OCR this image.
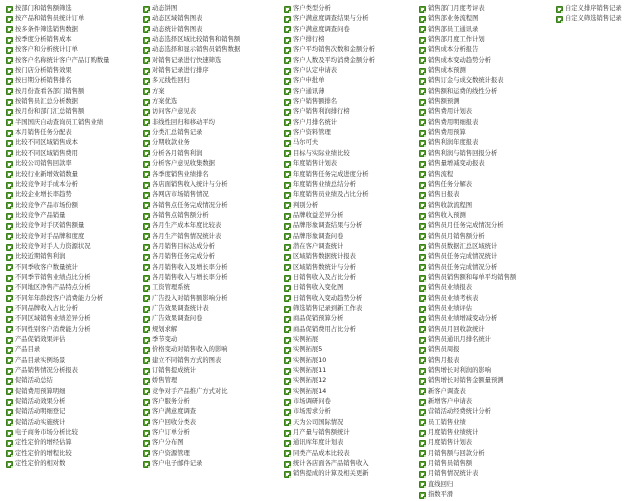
按部门和销售额筛选
按产品和销售员统计订单
按多条件筛选销售数据
按季度分析销售成本
按客户和分析统计订单
按客户名称统计客户产品订购数量
按门店分析销售效果
按日期分析销售排名
按月份查看各部门销售额
按销售员汇总分析数据
按月份和部门汇总销售额
半国国庆自动查询员工销售业绩
本月销售任务分配表
比较不同区域销售成本
比较不同区域销售费用
比较公司销售回款率
比较行业新增效销数量
比较竞争对手成本分析
比较企业增长率趋势
比较竞争产品市场份额
比较竞争产品销量
比较竞争对手厌销售额量
比较竞争对手品牌和度度
比较竞争对手人力资源状况
比较近期销售利润
不同季收客户数量统计
不同季节销售业绩点比分析
不同地区净售产品特点分析
不同年年龄段客户消费能力分析
不同品牌收入占比分析
不同区域销售业绩差异分析
不同性别客户消费能力分析
产品促销效果评估
产品目录
产品目录实例场景
产品销售情况分析报表
促销活动总结
促销费用预算明细
促销活动效果分析
促销活动明细登记
促销活动实施统计
电子商务市场分析比较
定性定价的增经估算
定性定价的增程比较
定性定价的相对数
动态饼图
动态区域销售图表
动态统计销售图表
动态选择区域比较销售和销售额
动态选择和显示销售员销售数据
对销售记录进行快速筛选
对销售记录进行排序
多元线性回归
方案
方案优选
访问客户意见表
非线性回归和移动平均
分类汇总销售记录
分期收款业务
分析各月销售利润
分析客户意见收集数据
各季度销售业绩排名
各店面销售收入统计与分析
各网店市场销售情况
各销售点任务完成情况分析
各销售点销售额分析
各月生产成本年度比较表
各月生产销售情况统计表
各月销售目标达成分析
各月销售任务完成分析
各月销售收入及增长率分析
各月销售收入与增长率分析
工资管理系统
广告投入对销售额影响分析
广告效果调查统计表
广告效果调查问卷
规划求解
季节变动
价格变动对销售收入的影响
建立不同销售方式的图表
订销售提成统计
娇售管理
竞争对手产品推广方式对比
客户服务分析
客户满意度调查
客户回收分类表
客户订单分析
客户分布图
客户资源管理
客户电子邮件记录
客户类型分析
客户满意度调查结果与分析
客户满意度调查问卷
客户排行榜
客户平均销售次数和金额分析
客户人数及平均消费金额分析
客户认定申请表
客户申批单
客户通讯薄
客户销售额排名
客户销售利润排行榜
客户月排名统计
客户资料管理
马尔可夫
目标与实际业绩比较
年度销售计划表
年度销售任务完成进度分析
年度销售业绩总结分析
年度销售员业绩及占比分析
判别分析
品牌收益差异分析
品牌形象调查结果与分析
品牌形象调查问卷
潜在客户调查统计
区域销售数据统计报表
区域销售数统计与分析
日销售收入及占比分析
日销售收入变化图
日销售收入变动趋势分析
筛选销售记录到新工作表
商品促销预算分析
商品促销费用占比分析
实例拓展
实例拓展5
实例拓展10
实例拓展11
实例拓展12
实例拓展14
市场调研问卷
市场需求分析
天为公司国际情况
月产量与销售额统计
通讯库年度计划表
同类产品成本比较表
统计各店面各产品销售收入
销售提成的计算及相关更新
销售部门月度考评表
销售部业务流程图
销售部员工通讯录
销售部月度工作计划
销售成本分析报告
销售成本变动趋势分析
销售成本预测
销售订金与成交数统计报表
销售额和运费的线性分析
销售额预测
销售费用计划表
销售费用明细报表
销售费用预算
销售利润年度报表
销售利润与销售回报分析
销售量增减变动报表
销售流程
销售任务分解表
销售日报表
销售收款流程图
销售收入预测
销售员月任务完成情况分析
销售员月销售额分析
销售员数据汇总区域统计
销售员任务完成情况统计
销售员任务完成情况分析
销售员销售额和每单平均销售额
销售员业绩报表
销售员业绩考核表
销售员业绩评估
销售员业绩增减变动分析
销售员月回收款统计
销售员通讯月排名统计
销售员周报
销售月报表
销售增长对利润的影响
销售增长对销售金额量预测
新客户调查表
新增客户申请表
营销活动经费统计分析
员工销售业绩
月度销售业绩统计
月度销售计划表
月销售额与回款分析
月销售员销售额
月销售情况统计表
直线回归
指数平滑
自定义排序销售记录
自定义筛选销售记录
